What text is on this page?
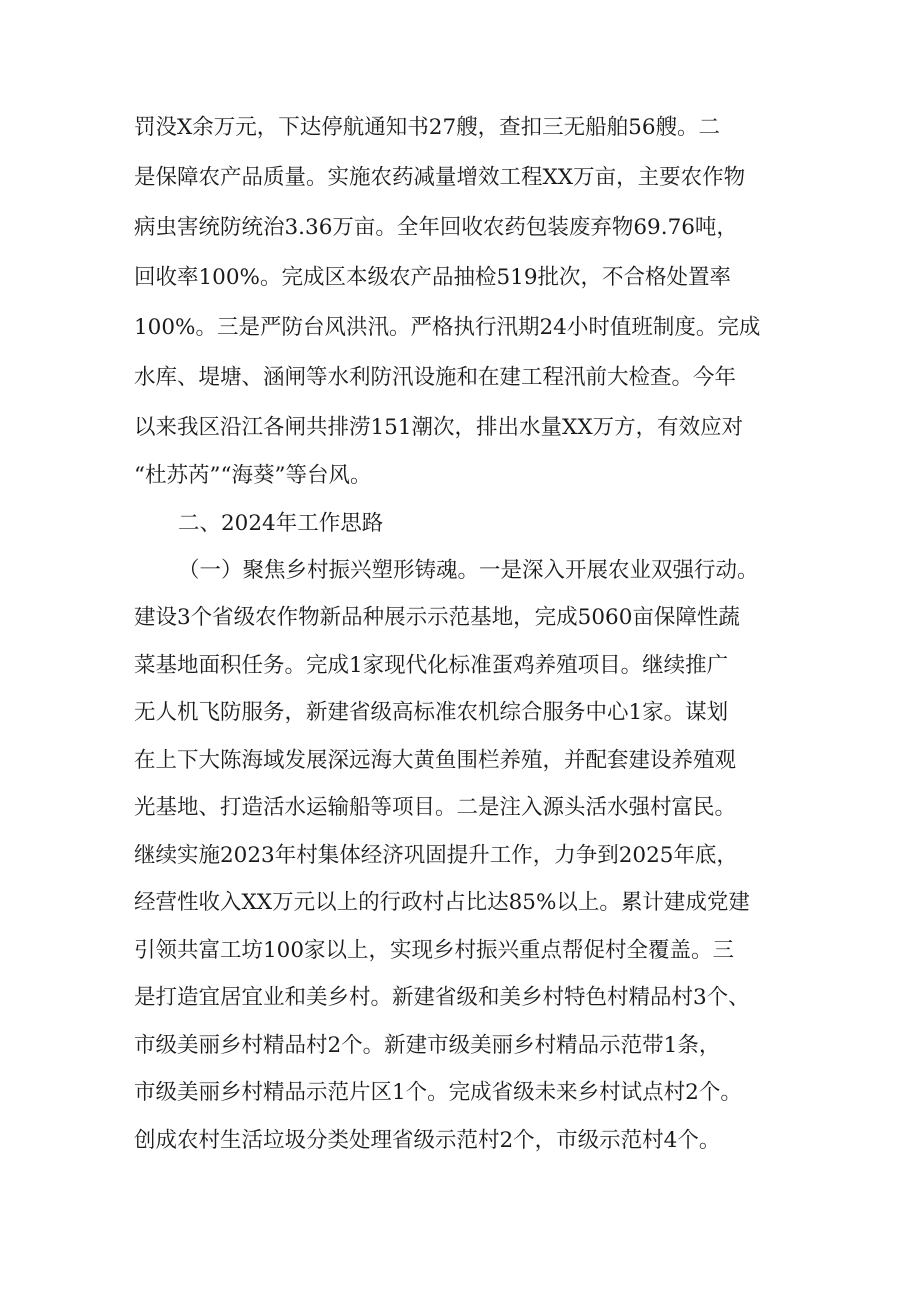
罚没X余万元，下达停航通知书27艘，查扣三无船舶56艘。二

是保障农产品质量。实施农药减量增效工程XX万亩，主要农作物

病虫害统防统治3.36万亩。全年回收农药包装废弃物69.76吨，

回收率100%。完成区本级农产品抽检519批次，不合格处置率

100%。三是严防台风洪汛。严格执行汛期24小时值班制度。完成

水库、堤塘、涵闸等水利防汛设施和在建工程汛前大检查。今年

以来我区沿江各闸共排涝151潮次，排出水量XX万方，有效应对

“杜苏芮”“海葵”等台风。

二、2024年工作思路

（一）聚焦乡村振兴塑形铸魂。一是深入开展农业双强行动。

建设3个省级农作物新品种展示示范基地，完成5060亩保障性蔬

菜基地面积任务。完成1家现代化标准蛋鸡养殖项目。继续推广

无人机飞防服务，新建省级高标准农机综合服务中心1家。谋划

在上下大陈海域发展深远海大黄鱼围栏养殖，并配套建设养殖观

光基地、打造活水运输船等项目。二是注入源头活水强村富民。

继续实施2023年村集体经济巩固提升工作，力争到2025年底，

经营性收入XX万元以上的行政村占比达85%以上。累计建成党建

引领共富工坊100家以上，实现乡村振兴重点帮促村全覆盖。三

是打造宜居宜业和美乡村。新建省级和美乡村特色村精品村3个、

市级美丽乡村精品村2个。新建市级美丽乡村精品示范带1条，

市级美丽乡村精品示范片区1个。完成省级未来乡村试点村2个。

创成农村生活垃圾分类处理省级示范村2个，市级示范村4个。
